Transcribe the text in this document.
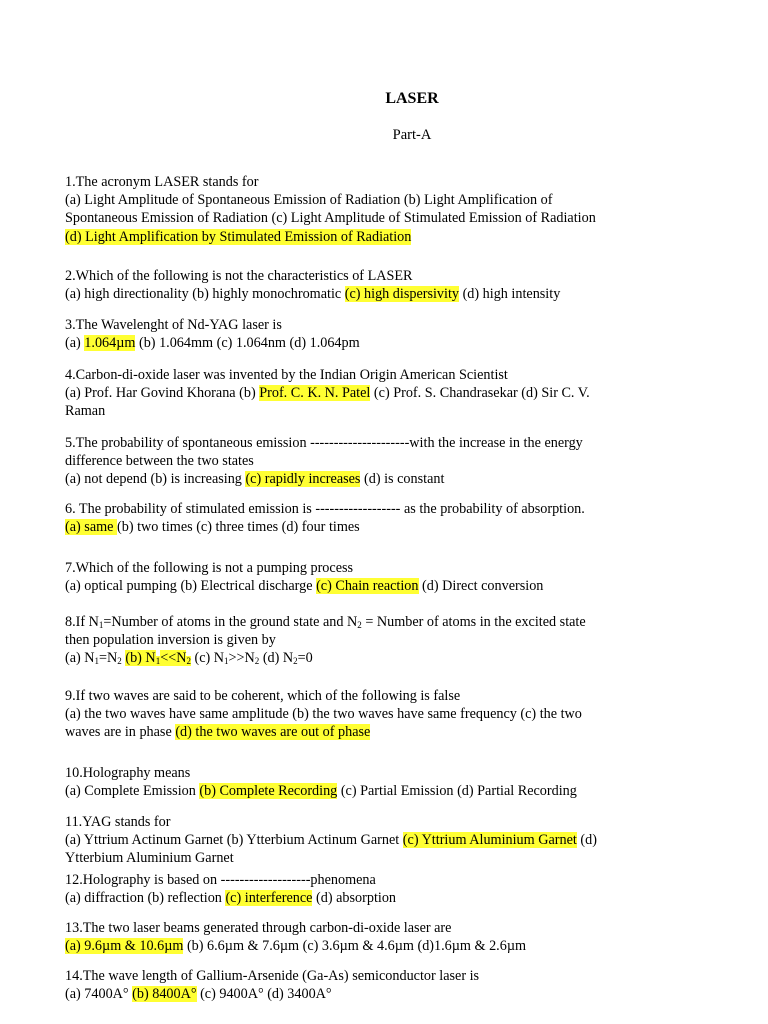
LASER
Part-A
1.The acronym LASER stands for
(a) Light Amplitude of Spontaneous Emission of Radiation (b) Light Amplification of
Spontaneous Emission of Radiation (c) Light Amplitude of Stimulated Emission of Radiation
(d) Light Amplification by Stimulated Emission of Radiation
2.Which of the following is not the characteristics of LASER
(a) high directionality (b) highly monochromatic (c) high dispersivity (d) high intensity
3.The Wavelenght of Nd-YAG laser is
(a) 1.064µm (b) 1.064mm (c) 1.064nm (d) 1.064pm
4.Carbon-di-oxide laser was invented by the Indian Origin American Scientist
(a) Prof. Har Govind Khorana (b) Prof. C. K. N. Patel (c) Prof. S. Chandrasekar (d) Sir C. V.
Raman
5.The probability of spontaneous emission ---------------------with the increase in the energy
difference between the two states
(a) not depend (b) is increasing (c) rapidly increases (d) is constant
6. The probability of stimulated emission is ------------------ as the probability of absorption.
(a) same (b) two times (c) three times (d) four times
7.Which of the following is not a pumping process
(a) optical pumping (b) Electrical discharge (c) Chain reaction (d) Direct conversion
8.If $N_1=Number$ of atoms in the ground state and $N_2$ = Number of atoms in the excited state
then population inversion is given by
(a) $N_1=N_2$ (b) $N_1<<N_2$ (c) $N_1>>N_2$ (d) $N_2=0$
9.If two waves are said to be coherent, which of the following is false
(a) the two waves have same amplitude (b) the two waves have same frequency (c) the two
waves are in phase (d) the two waves are out of phase
10.Holography means
(a) Complete Emission (b) Complete Recording (c) Partial Emission (d) Partial Recording
11.YAG stands for
(a) Yttrium Actinum Garnet (b) Ytterbium Actinum Garnet (c) Yttrium Aluminium Garnet (d)
Ytterbium Aluminium Garnet
12.Holography is based on -------------------phenomena
(a) diffraction (b) reflection (c) interference (d) absorption
13.The two laser beams generated through carbon-di-oxide laser are
(a) 9.6µm & 10.6µm (b) 6.6µm & 7.6µm (c) 3.6µm & 4.6µm (d)1.6µm & 2.6µm
14.The wave length of Gallium-Arsenide (Ga-As) semiconductor laser is
(a) 7400A° (b) 8400A° (c) 9400A° (d) 3400A°
